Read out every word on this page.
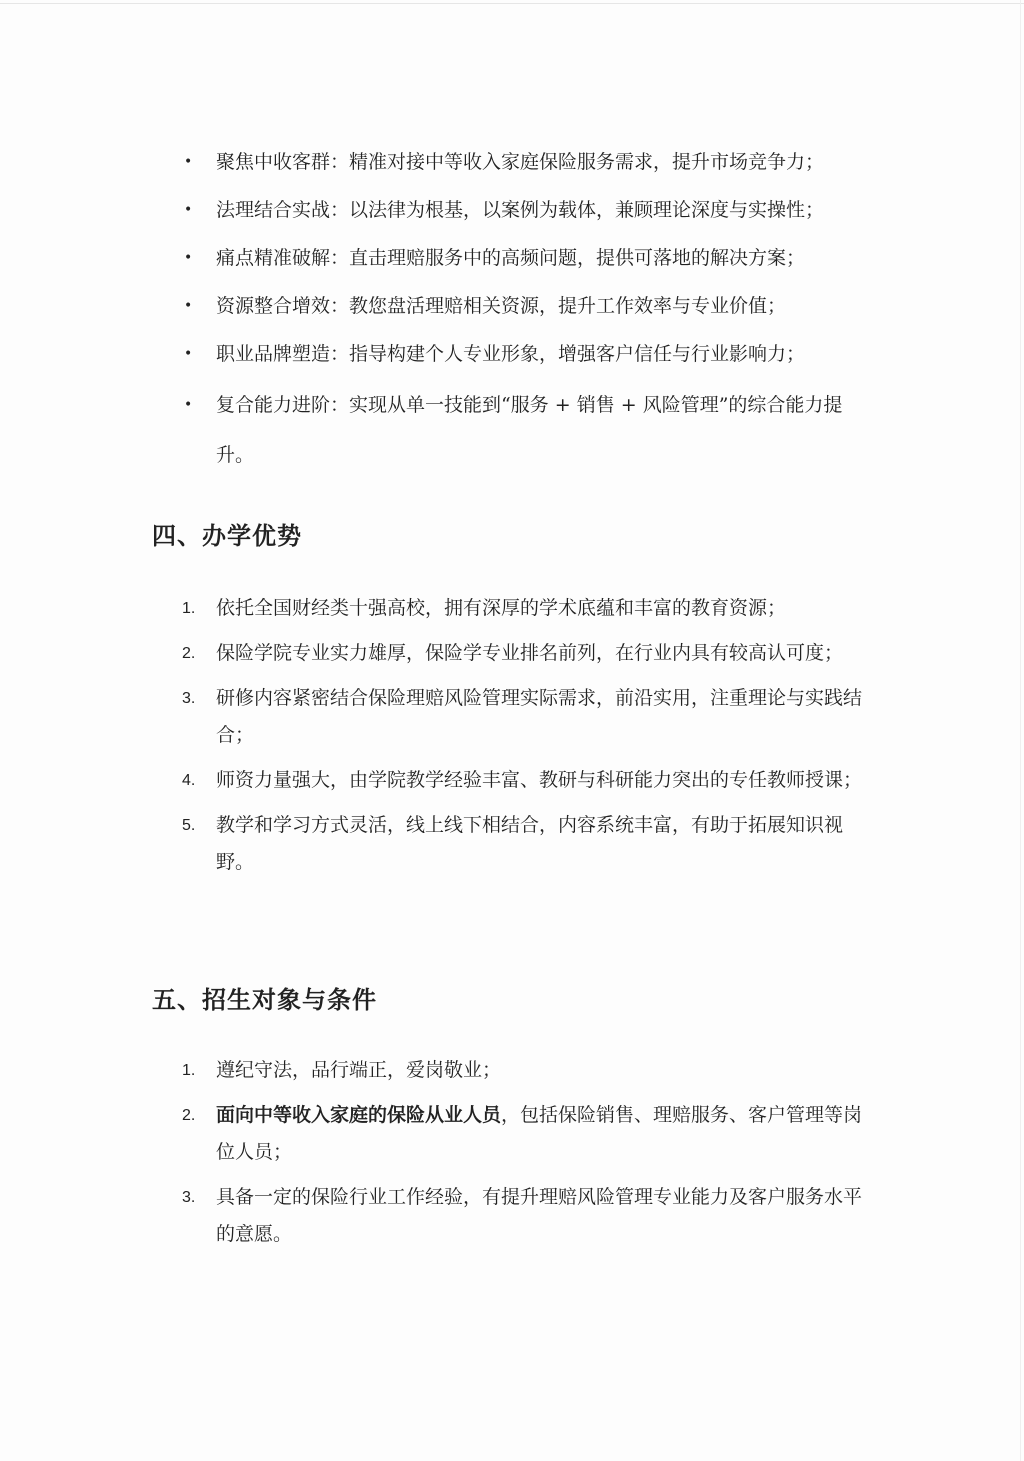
• 聚焦中收客群：精准对接中等收入家庭保险服务需求，提升市场竞争力；
• 法理结合实战：以法律为根基，以案例为载体，兼顾理论深度与实操性；
• 痛点精准破解：直击理赔服务中的高频问题，提供可落地的解决方案；
• 资源整合增效：教您盘活理赔相关资源，提升工作效率与专业价值；
• 职业品牌塑造：指导构建个人专业形象，增强客户信任与行业影响力；
• 复合能力进阶：实现从单一技能到“服务 + 销售 + 风险管理”的综合能力提升。
四、办学优势
1. 依托全国财经类十强高校，拥有深厚的学术底蕴和丰富的教育资源；
2. 保险学院专业实力雄厚，保险学专业排名前列，在行业内具有较高认可度；
3. 研修内容紧密结合保险理赔风险管理实际需求，前沿实用，注重理论与实践结合；
4. 师资力量强大，由学院教学经验丰富、教研与科研能力突出的专任教师授课；
5. 教学和学习方式灵活，线上线下相结合，内容系统丰富，有助于拓展知识视野。
五、招生对象与条件
1. 遵纪守法，品行端正，爱岗敬业；
2. 面向中等收入家庭的保险从业人员，包括保险销售、理赔服务、客户管理等岗位人员；
3. 具备一定的保险行业工作经验，有提升理赔风险管理专业能力及客户服务水平的意愿。
